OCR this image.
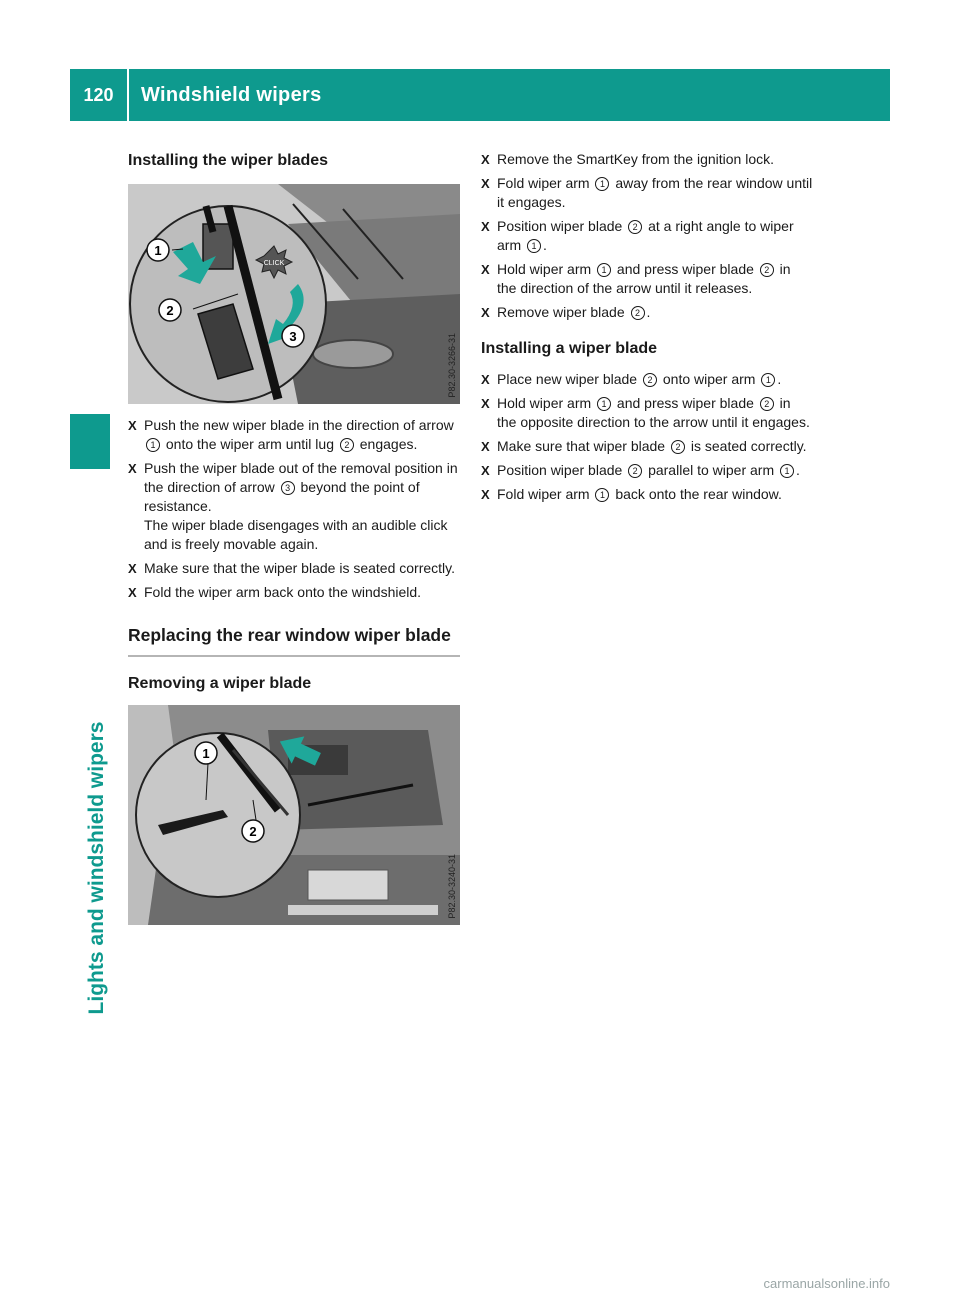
120	Windshield wipers
Lights and windshield wipers
Installing the wiper blades
CLICK
1
2
3	P82.30-3266-31
X Push the new wiper blade in the direction of arrow 1 onto the wiper arm until lug 2 engages.
X Push the wiper blade out of the removal position in the direction of arrow 3 beyond the point of resistance.
The wiper blade disengages with an audible click and is freely movable again.
X Make sure that the wiper blade is seated correctly.
X Fold the wiper arm back onto the windshield.
Replacing the rear window wiper blade
Removing a wiper blade
1
2
P82.30-3240-31
X Remove the SmartKey from the ignition lock.
X Fold wiper arm 1 away from the rear window until it engages.
X Position wiper blade 2 at a right angle to wiper arm 1 .
X Hold wiper arm 1 and press wiper blade 2 in the direction of the arrow until it releases.
X Remove wiper blade 2 .
Installing a wiper blade
X Place new wiper blade 2 onto wiper arm 1 .
X Hold wiper arm 1 and press wiper blade 2 in the opposite direction to the arrow until it engages.
X Make sure that wiper blade 2 is seated correctly.
X Position wiper blade 2 parallel to wiper arm 1 .
X Fold wiper arm 1 back onto the rear window.
carmanualsonline.info
